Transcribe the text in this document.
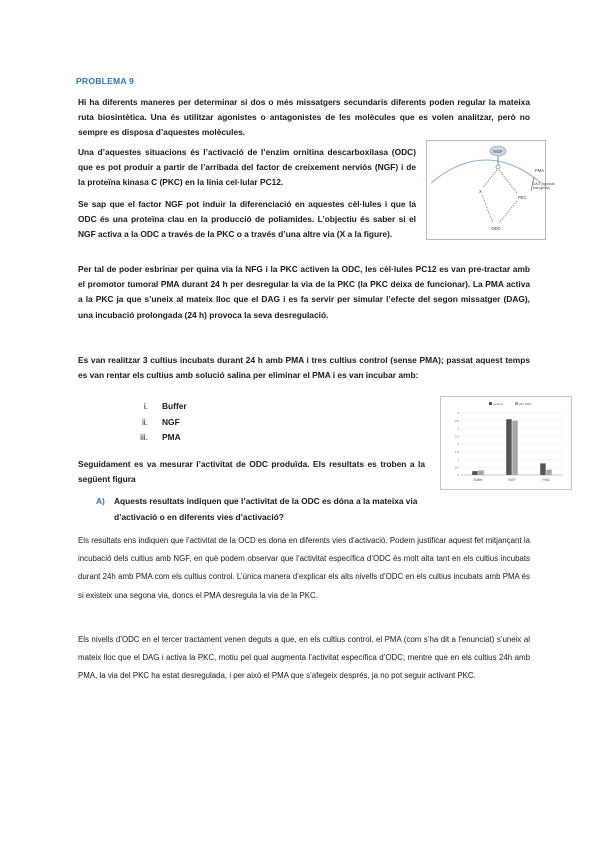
PROBLEMA 9
Hi ha diferents maneres per determinar si dos o més missatgers secundaris diferents poden regular la mateixa ruta biosintètica. Una és utilitzar agonistes o antagonistes de les molècules que es volen analitzar, però no sempre es disposa d’aquestes molècules.
Una d’aquestes situacions és l’activació de l’enzim ornitina descarboxilasa (ODC) que es pot produir a partir de l’arribada del factor de creixement nerviós (NGF) i de la proteïna kinasa C (PKC) en la línia cel·lular PC12.
Se sap que el factor NGF pot induir la diferenciació en aquestes cèl·lules i que la ODC és una proteïna clau en la producció de poliamides. L’objectiu és saber si el NGF activa a la ODC a través de la PKC o a través d’una altre via (X a la figure).
Per tal de poder esbrinar per quina via la NFG i la PKC activen la ODC, les cèl·lules PC12 es van pre-tractar amb el promotor tumoral PMA durant 24 h per desregular la via de la PKC (la PKC deixa de funcionar). La PMA activa a la PKC ja que s’uneix al mateix lloc que el DAG i es fa servir per simular l’efecte del segon missatger (DAG), una incubació prolongada (24 h) provoca la seva desregulació.
Es van realitzar 3 cultius incubats durant 24 h amb PMA i tres cultius control (sense PMA); passat aquest temps es van rentar els cultius amb solució salina per eliminar el PMA i es van incubar amb:
i.	Buffer
ii.	NGF
iii.	PMA
Seguidament es va mesurar l’activitat de ODC produïda. Els resultats es troben a la següent figura
A)	Aquests resultats indiquen que l’activitat de la ODC es dóna a la mateixa via d’activació o en diferents vies d’activació?
Els resultats ens indiquen que l’activitat de la OCD es dona en diferents vies d’activació. Podem justificar aquest fet mitjançant la incubació dels cultius amb NGF, en què podem observar que l’activitat específica d’ODC és molt alta tant en els cultius incubats durant 24h amb PMA com els cultius control. L’única manera d’explicar els alts nivells d’ODC en els cultius incubats amb PMA és si existeix una segona via, doncs el PMA desregula la via de la PKC.
Els nivells d’ODC en el tercer tractament venen deguts a que, en els cultius control, el PMA (com s’ha dit a l’enunciat) s’uneix al mateix lloc que el DAG i activa la PKC, motiu pel qual augmenta l’activitat específica d’ODC; mentre que en els cultius 24h amb PMA, la via del PKC ha estat desregulada, i per això el PMA que s’afegeix després, ja no pot seguir activant PKC.
NGF
PMA
DAG (agonista
estrogenat)
PKC
X
ODC
Control	24h PMA
0
0.5
1
1.5
2
2.5
3
3.5
4
Buffer	NGF	PMA
